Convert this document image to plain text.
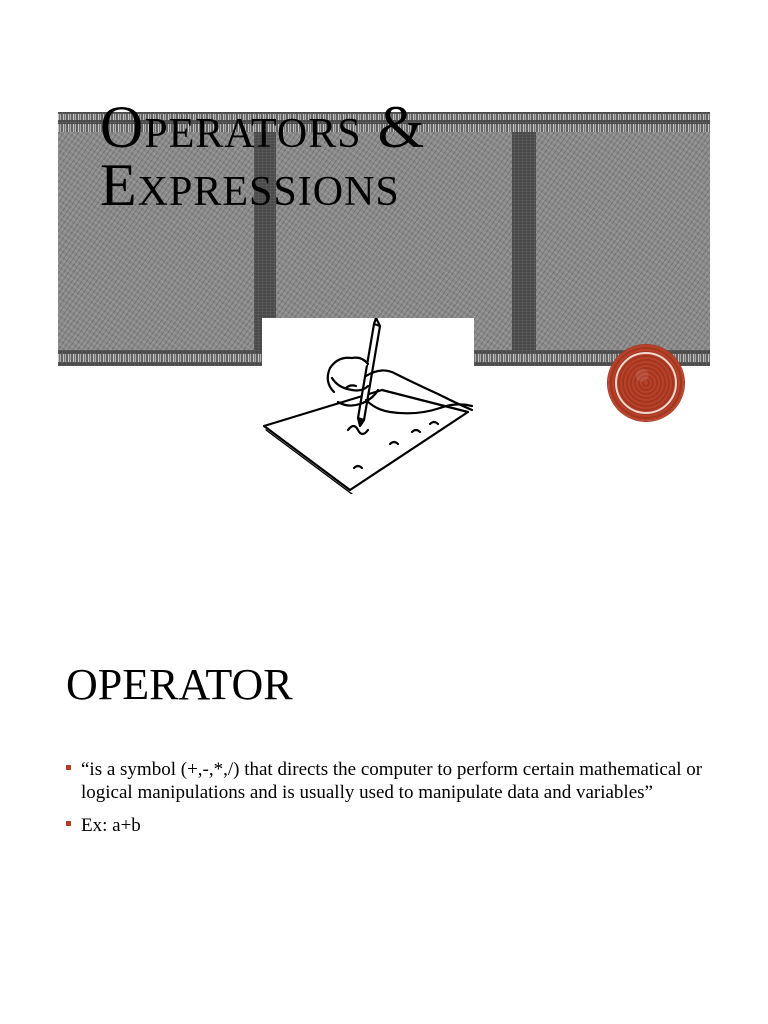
Operators &
Expressions
OPERATOR
“is a symbol (+,-,*,/) that directs the computer to perform certain mathematical or logical manipulations and is usually used to manipulate data and variables”
Ex: a+b
